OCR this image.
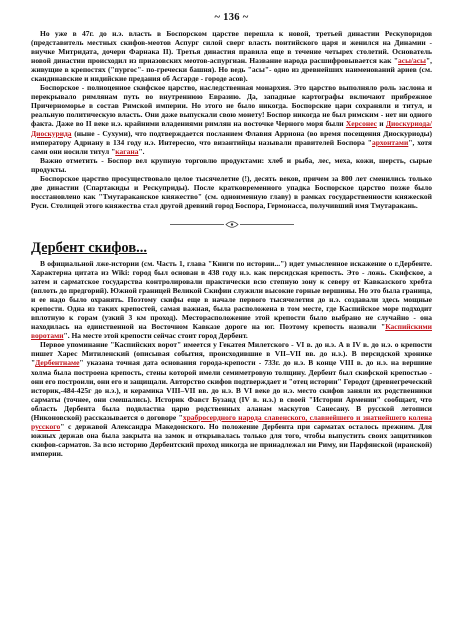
~ 136 ~

Но уже в 47г. до н.э. власть в Боспорском царстве перешла к новой, третьей династии Рескупоридов (представитель местных скифов-меотов Аспург силой сверг власть понтийского царя и женился на Динамии - внучке Митридата, дочери Фарнака II). Третья династия правила еще в течение четырех столетий. Основатель новой династии происходил из приазовских меотов-аспургиан. Название народа расшифровывается как "асы/асы", живущие в крепостях ("пургос"- по-гречески башня). Но ведь "асы"- одно из древнейших наименований ариев (см. скандинавские и индийские предания об Асгарде - городе асов).

Боспорское - полноценное скифское царство, наследственная монархия. Это царство выполняло роль заслона и перекрывало римлянам путь во внутреннюю Евразию. Да, западные картографы включают прибрежное Причерноморье в состав Римской империи. Но этого не было никогда. Боспорские цари сохраняли и титул, и реальную политическую власть. Они даже выпускали свою монету! Боспор никогда не был римским - нет ни одного факта. Даже во II веке н.э. крайними владениями римлян на восточке Черного моря были Херсонес и Диоскуриода/Диоскурида (ныне - Сухуми), что подтверждается посланием Флавия Арриона (во время посещения Диоскуриоды) императору Адриану в 134 году н.э. Интересно, что византийцы называли правителей Боспора "архонтами", хотя сами они носили титул "кагана".

Важно отметить - Боспор вел крупную торговлю продуктами: хлеб и рыба, лес, меха, кожи, шерсть, сырые продукты.

Боспорское царство просуществовало целое тысячелетие (!), десять веков, причем за 800 лет сменились только две династии (Спартакиды и Рескуприды). После кратковременного упадка Боспорское царство позже было восстановлено как "Тмутараканское княжество" (см. одноименную главу) в рамках государственности княжеской Руси. Столицей этого княжества стал другой древний город Боспора, Гермонасса, получивший имя Тмутаракань.

Дербент скифов...

В официальной лже-истории (см. Часть 1, глава "Книги по истории...") идет умысленное искажение о г.Дербенте. Характерна цитата из Wiki: город был основан в 438 году н.э. как персидская крепость. Это - ложь. Скифское, а затем и сарматское государства контролировали практически всю степную зону к северу от Кавказского хребта (вплоть до предгорий). Южной границей Великой Скифии служили высокие горные вершины. Но это была граница, и ее надо было охранять. Поэтому скифы еще в начале первого тысячелетия до н.э. создавали здесь мощные крепости. Одна из таких крепостей, самая важная, была расположена в том месте, где Каспийское море подходит вплотную к горам (узкий 3 км проход). Месторасположение этой крепости было выбрано не случайно - она находилась на единственной на Восточном Кавказе дороге на юг. Поэтому крепость назвали "Каспийскими воротами". На месте этой крепости сейчас стоит город Дербент.

Первое упоминание "Каспийских ворот" имеется у Гекатея Милетского - VI в. до н.э. А в IV в. до н.э. о крепости пишет Харес Митиленский (описывая события, происходившие в VII–VII вв. до н.э.). В персидской хронике "Дербентнаме" указана точная дата основания города-крепости - 733г. до н.э. В конце VIII в. до н.э. на вершине холма была построена крепость, стены которой имели семиметровую толщину. Дербент был скифской крепостью - они его построили, они его и защищали. Авторство скифов подтверждает и "отец истории" Геродот (древнегреческий историк,-484-425г до н.э.), и керамика VIII–VII вв. до н.э. В VI веке до н.э. место скифов заняли их родственники сарматы (точнее, они смешались). Историк Фавст Бузанд (IV в. н.э.) в своей "Истории Армении" сообщает, что область Дербента была подвластна царю родственных аланам маскутов Санесану. В русской летописи (Никоновской) рассказывается о договоре "храбросердного народа славенского, славнейшего и знатнейшего колена русского" с державой Александра Македонского. Но положение Дербента при сарматах осталось прежним. Для южных держав она была закрыта на замок и открывалась только для того, чтобы выпустить своих защитников скифов-сарматов. За всю историю Дербентский проход никогда не принадлежал ни Риму, ни Парфянской (иранской) империи.
